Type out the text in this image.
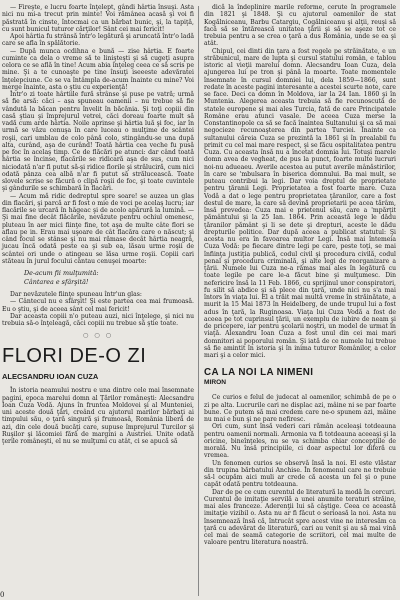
— Fireşte, e lucru foarte înţelept, gândi hârtia însuşi. Asta nici nu mi-a trecut prin minte! Voi rămânea acasă şi voi fi păstrată în cinste, întocmai ca un bărbat bunic, şi, la tapiţă, cu sunt bunicul tuturor cărţilor! Sânt cei mai fericit!

Apoi hârtia fu strânsă într'o legătură şi aruncată într'o ladă care se afla în spălătorie.

— După munca ocdihna e bună — zise hârtia. E foarte cuminte ca dela o vreme să te linişteşti şi să cugeţi asupra celora ce se află în tine! Acum abia înţeleg ceea ce să scris pe mine. Şi a te cunoaşte pe tine însuţi iseeeste adevăratei înţelepciune. Ce se va întâmpla de-acum înainte cu mine? Voi merge înainte, asta o ştiu cu experienţă!

Într'o zi toate hârtiile fură strânse şi puse pe vatră; urmă să fie arsă: căci – așa spuneau oamenii – nu trebue să fie vândută la băcan pentru învelit în băcănia. Şi toţi copiii din casă ştiau şi împrejurul vetrei, căci doreau foarte mult să vadă cum arde hârtia. Noile aprinse şi hârtia luă şi foc, iar în urmă se văzu cenuşa în care luceau o mulţime de scântei roşii, cari umblau de colo până colo, stingându-se una după alta, curând, aşa de curând! Toată hârtia cea veche fu pusă pe foc în acelaş timp. Ce de flăcări pe atunci: dar când toată hârtia se încinse, flacările se ridicară aşa de sus, cum nici niciodată n'ar fi putut să-şi ridice florile şi străluciră, cum nici odată pânza cea albă n'ar fi putut să strălucească. Toate slovele scrise se făcură o clipă roşii de foc, şi toate cuvintele şi gândurile se schimbară în flacări.

— Acum mă ridic dedreptul spre soare! se auzea un glas din flacări, şi parcă ar fi fost o mie de voci pe acelaş lucru; iar flacările se urcară în hăgeac şi de acolo apărură la lumină. — Şi mai fine decât flăcările, nevăzute pentru ochiul omenesc, pluteau în aer mici fiinţe fine, tot aşa de multe câte flori se aflau pe in. Erau mai uşoare de cât flacăra care o născut; şi când focul se stânse şi nu mai rămase decât hârtia neagră, jucau încă odată peste ea şi sub ea, lăsau urme roşii de scântei ori unde o atingeau se lăsa urme roşii. Copiii cari stăteau în jurul focului cântau cenuşei moarte:

De-acum fii mulţumită:
Cântarea e sfârşită!

Dar nevăzutele fiinţe spuneau într'un glas:

— Cântecul nu e sfârşit! Şi este partea cea mai frumoasă. Eu o ştiu, şi de aceea sânt cel mai fericit!

Dar aceasta copiii n'o puteau auzi, nici înţelege, şi nici nu trebuia să-o înţeleagă, căci copiii nu trebue să ştie toate.

○ ○ ○
FLORI DE-O ZI
ALECSANDRU IOAN CUZA

În istoria neamului nostru e una dintre cele mai însemnate pagini, epoca marelui domn al Ţărilor româneşti: Alecsandru Ioan Cuza Vodă. Ajuns în fruntea Moldovei şi al Munteniei, uni aceste două ţări, creând cu ajutorul marilor bărbaţi ai timpului său, o ţară singură şi frumoasă, România liberă de azi, din cele două bucăţi care, supuse împrejurul Turcilor şi Ruşilor şi lăcomiei fără de margini a Austriei. Unite odată ţerile româneşti, el nu se mulţumi cu atât, ci se apucă să

dică la îndeplinire marile reforme, cerute în programele din 1821 şi 1848. Şi cu ajutorul oamenilor de stat Kogălniceanu, Barbu Catargiu, Cogălniceanu şi alţii, reuşi să facă să se întărească unitatea ţării şi să se aşeze tot ce trebuia pentru a se crea o ţară a dus România, unde se ea şi atât.

Chipul, cei dinti din ţara a fost regele pe străinătate, e un străbunicul, mare de lupta şi cursul statului român, e tablou istoric al vieţii marelui domn. Alecsandru Ioan Cuza, dela ajungerea lui pe tron şi până la moarte. Toate momentele însemnate în cursul domniei lui, dela 1859—1866, sunt redate în aceste pagini interesante a acestei scurte note, care se face. Deci ca domn în Moldova, iar la 24 Ian. 1860 şi în Muntenia. Alegerea aceasta trebuia să fie recunoscută de statele europene şi mai ales Turcia, fată de care Principatele Române erau atunci vasale. De aceea Cuza merse la Constantinopole ca să se facă înaintea Sultanului şi ca să mai negocieze recunoaşterea din partea Turciei. Înainte ca sultanului căreia Cuza se prezintă la 1861 şi în prealabil fu primit cu cel mai mare respect, şi se făcu ospitalitatea pentru Cuza. Cu aceasta însă nu a încetat domnia lui. Totuşi marele domn avea de vegheat, de pus la punct, foarte multe lucruri noi-nu adueaeu. Averile acestea au putut averile mânăstirilor, în care se 'mbulsara în biserica domnului. Ba mai mult, se puteau contribui la legi. Dar voia dreptul de proprietate pentru ţăranii Legi. Proprietatea a fost foarte mare. Cuza Vodă a dat o lege pentru proprietatea ţăranilor, care a fost destul de mare, la care să devină proprietarii pe acea tărâm, însă prevedea: Cuza mai e prietenul său, care a 'mpărţit pământului şi la 25 Ian. 1864. Prin această lege le dădu ţăranilor pământ şi li se dete şi drepturi, aceste le dădu drepturile politice. Dar după aceea a publicat statutul: Şi acesta nu era în favoarea multor Legi. Însă mai întemeia Cuza Vodă: pe fiecare dintre legi pe care, peste toţi, se mai înfiinţa justiţia publică, codul civil şi procedura civilă, codul penal şi procedura criminală, şi alte legi de reorganizare a ţării. Numele lui Cuza ne-a rămas mai ales în legătură cu toate legile pe care le-a făcut bine şi mulţumesc. Din nefericire însă la 11 Feb. 1866, cu sprijinul unor conspiratori, fu silit să abdice şi să plece din ţară, unde nici nu s'a mai întors în viaţa lui. El a trăit mai multă vreme în străinătate, a murit la 15 Mai 1873 în Heidelberg, de unde trupul lui a fost adus în ţară, la Ruginoasa. Viaţa lui Cuza Vodă a fost de aceea pe tot cuprinsul ţării, un exemplu de iubire de neam şi de pricepere, iar pentru şcolarii noştri, un model de urmat în viaţă. Alexandru Ioan Cuza a fost unul din cei mai mari domnitori ai poporului român. Şi iată de ce numele lui trebue să fie amintit în istoria şi în inima tuturor Românilor, a celor mari şi a celor mici.

CA LA NOI LA NIMENI
MIRON

Ce curios e felul de judecat al oamenilor, schimbă de pe o zi pe alta. Lucrurile cari ne displac azi, mâine ni se par foarte bune. Ce putem să mai credem care ne-o spunem azi, mâine nu mai e bun şi ne pare nefiresc.

Ori cum, sunt însă vederi cari rămân aceleaşi totdeauna pentru oamenii normali. Armonia va fi totdeauna aceeaşi şi la oricine, bineînţeles, nu se va schimba chiar concepţiile de morală. Nu însă principiile, ci doar aspectul lor diferă cu vremea.

Un fenomen curios se observă însă la noi. El este vlăstar din trupina bărbatului Anchise. În fenomenul care ne trebuie să-l ocupăm aici muli ar crede că acesta un fel şi o pune capăt odată pentru totdeauna.

Dar de pe ce cum curentul de literatură la modă în cercuri. Curentul de imitaţie servilă a unei anumite teraturi străine, mai ales franceze. Aderenţii lui să câştige. Ceea ce această imitaţie vizibil o. Asta nu ar fi făcut o serioasă la noi. Asta nu însemnează însă că, întrucât spre acest vine ne interesăm ca ţară cu adevărat de literatură, cari au venit şi au să mai vină cel mai de seamă categorie de scriitori, cel mai multe de valoare pentru literatura noastră.

0
